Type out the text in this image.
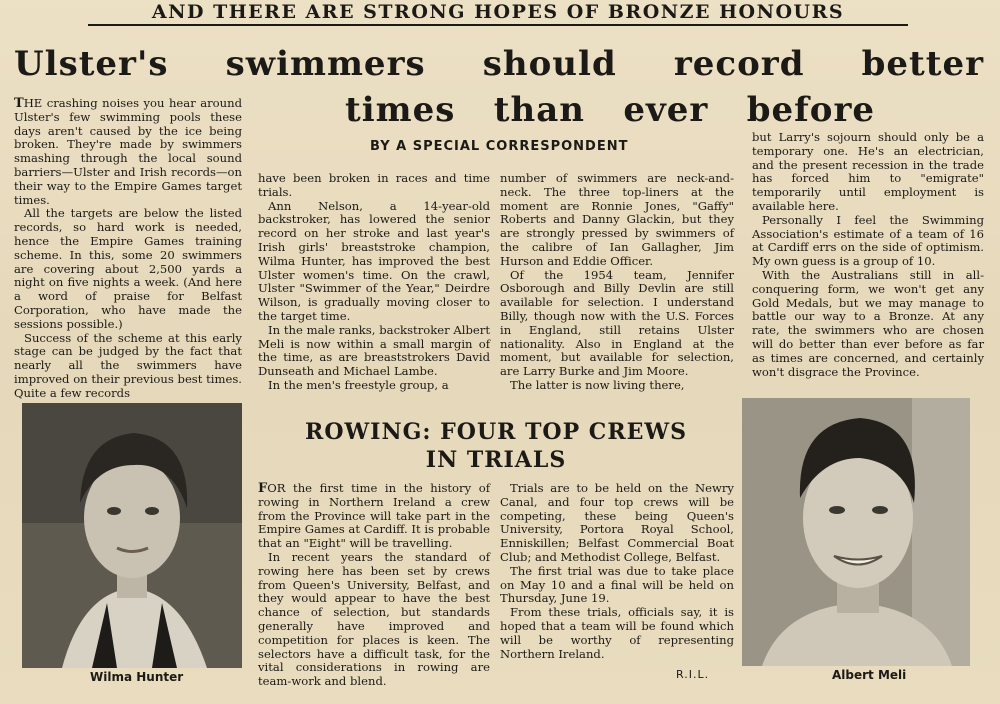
AND THERE ARE STRONG HOPES OF BRONZE HONOURS
Ulster's swimmers should record better
times than ever before
BY A SPECIAL CORRESPONDENT

THE crashing noises you hear around Ulster's few swimming pools these days aren't caused by the ice being broken. They're made by swimmers smashing through the local sound barriers—Ulster and Irish records—on their way to the Empire Games target times.

All the targets are below the listed records, so hard work is needed, hence the Empire Games training scheme. In this, some 20 swimmers are covering about 2,500 yards a night on five nights a week. (And here a word of praise for Belfast Corporation, who have made the sessions possible.)

Success of the scheme at this early stage can be judged by the fact that nearly all the swimmers have improved on their previous best times. Quite a few records

have been broken in races and time trials.

Ann Nelson, a 14-year-old backstroker, has lowered the senior record on her stroke and last year's Irish girls' breaststroke champion, Wilma Hunter, has improved the best Ulster women's time. On the crawl, Ulster "Swimmer of the Year," Deirdre Wilson, is gradually moving closer to the target time.

In the male ranks, backstroker Albert Meli is now within a small margin of the time, as are breaststrokers David Dunseath and Michael Lambe.

In the men's freestyle group, a

number of swimmers are neck-and-neck. The three top-liners at the moment are Ronnie Jones, "Gaffy" Roberts and Danny Glackin, but they are strongly pressed by swimmers of the calibre of Ian Gallagher, Jim Hurson and Eddie Officer.

Of the 1954 team, Jennifer Osborough and Billy Devlin are still available for selection. I understand Billy, though now with the U.S. Forces in England, still retains Ulster nationality. Also in England at the moment, but available for selection, are Larry Burke and Jim Moore.

The latter is now living there,

but Larry's sojourn should only be a temporary one. He's an electrician, and the present recession in the trade has forced him to "emigrate" temporarily until employment is available here.

Personally I feel the Swimming Association's estimate of a team of 16 at Cardiff errs on the side of optimism. My own guess is a group of 10.

With the Australians still in all-conquering form, we won't get any Gold Medals, but we may manage to battle our way to a Bronze. At any rate, the swimmers who are chosen will do better than ever before as far as times are concerned, and certainly won't disgrace the Province.

ROWING: FOUR TOP CREWS
IN TRIALS

FOR the first time in the history of rowing in Northern Ireland a crew from the Province will take part in the Empire Games at Cardiff. It is probable that an "Eight" will be travelling.

In recent years the standard of rowing here has been set by crews from Queen's University, Belfast, and they would appear to have the best chance of selection, but standards generally have improved and competition for places is keen. The selectors have a difficult task, for the vital considerations in rowing are team-work and blend.

Trials are to be held on the Newry Canal, and four top crews will be competing, these being Queen's University, Portora Royal School, Enniskillen; Belfast Commercial Boat Club; and Methodist College, Belfast.

The first trial was due to take place on May 10 and a final will be held on Thursday, June 19.

From these trials, officials say, it is hoped that a team will be found which will be worthy of representing Northern Ireland.

R.I.L.
Wilma Hunter	Albert Meli
